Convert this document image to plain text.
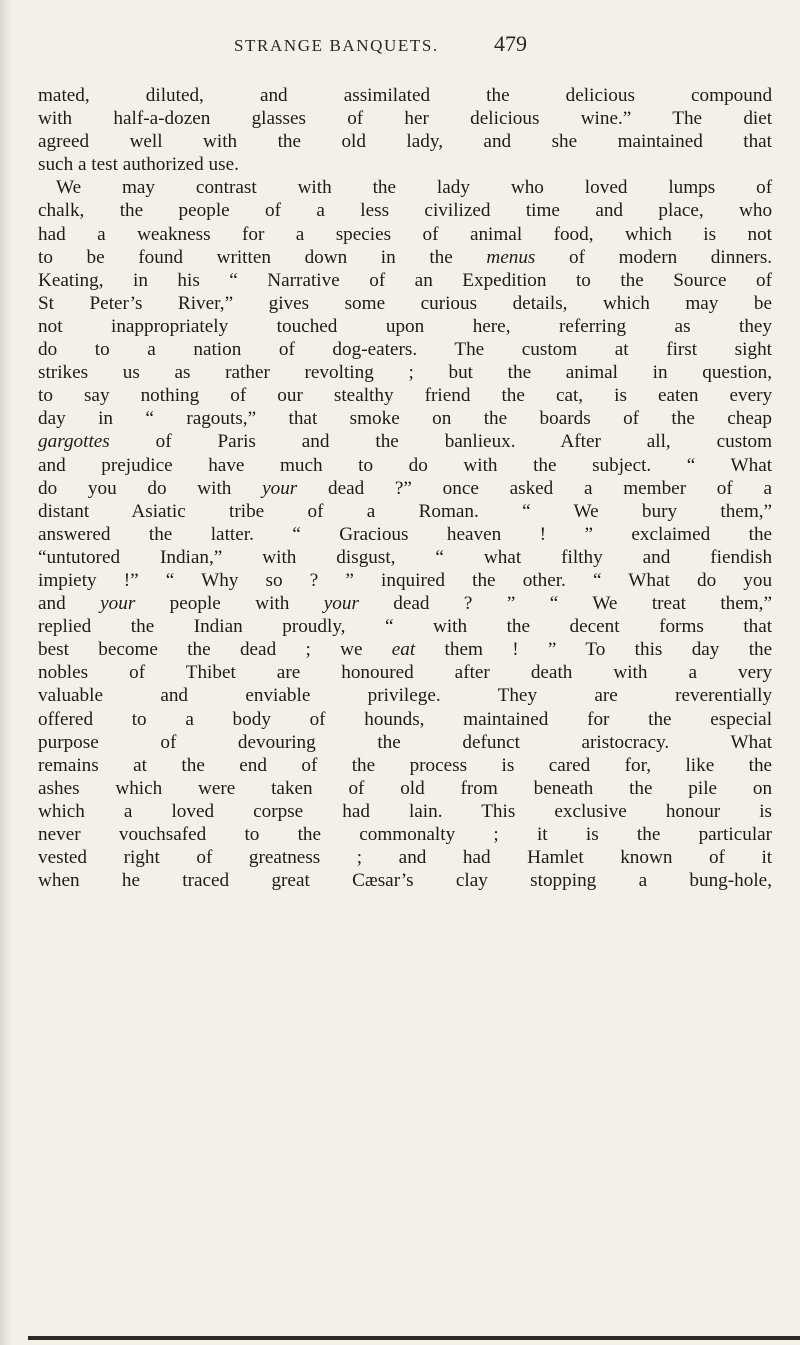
STRANGE BANQUETS.	479
mated,	diluted,	and	assimilated	the	delicious	compound
with half-a-dozen glasses of her delicious wine.” The diet
agreed well with the old lady, and she maintained that
such a test authorized use.
We may contrast with the lady who loved lumps of
chalk, the people of a less civilized time and place, who
had a weakness for a species of animal food, which is not
to be found written down in the menus of modern dinners.
Keating, in his “ Narrative of an Expedition to the Source of
St Peter’s River,” gives some curious details, which may be
not	inappropriately	touched	upon	here,	referring	as	they
do to a nation of dog-eaters. The custom at first sight
strikes us as rather revolting ; but the animal in question,
to say nothing of our stealthy friend the cat, is eaten every
day in “ ragouts,” that smoke on the boards of the cheap
gargottes of Paris and the banlieux. After all, custom
and prejudice have much to do with the subject. “ What
do you do with your dead ?” once asked a member of a
distant Asiatic tribe of a Roman. “ We bury them,”
answered the latter. “ Gracious heaven ! ” exclaimed the
“untutored Indian,” with disgust, “ what filthy and fiendish
impiety !” “ Why so ? ” inquired the other. “ What do you
and your people with your dead ? ” “ We treat them,”
replied the Indian proudly, “ with the decent forms that
best become the dead ; we eat them ! ” To this day the
nobles of Thibet are honoured after death with a very
valuable	and	enviable	privilege.	They	are	reverentially
offered to a body of hounds, maintained for the especial
purpose	of	devouring	the	defunct	aristocracy.	What
remains at the end of the process is cared for, like the
ashes which were taken of old from beneath the pile on
which a loved corpse had lain. This exclusive honour is
never vouchsafed to the commonalty ; it is the particular
vested right of greatness ; and had Hamlet known of it
when he traced great Cæsar’s clay stopping a bung-hole,
